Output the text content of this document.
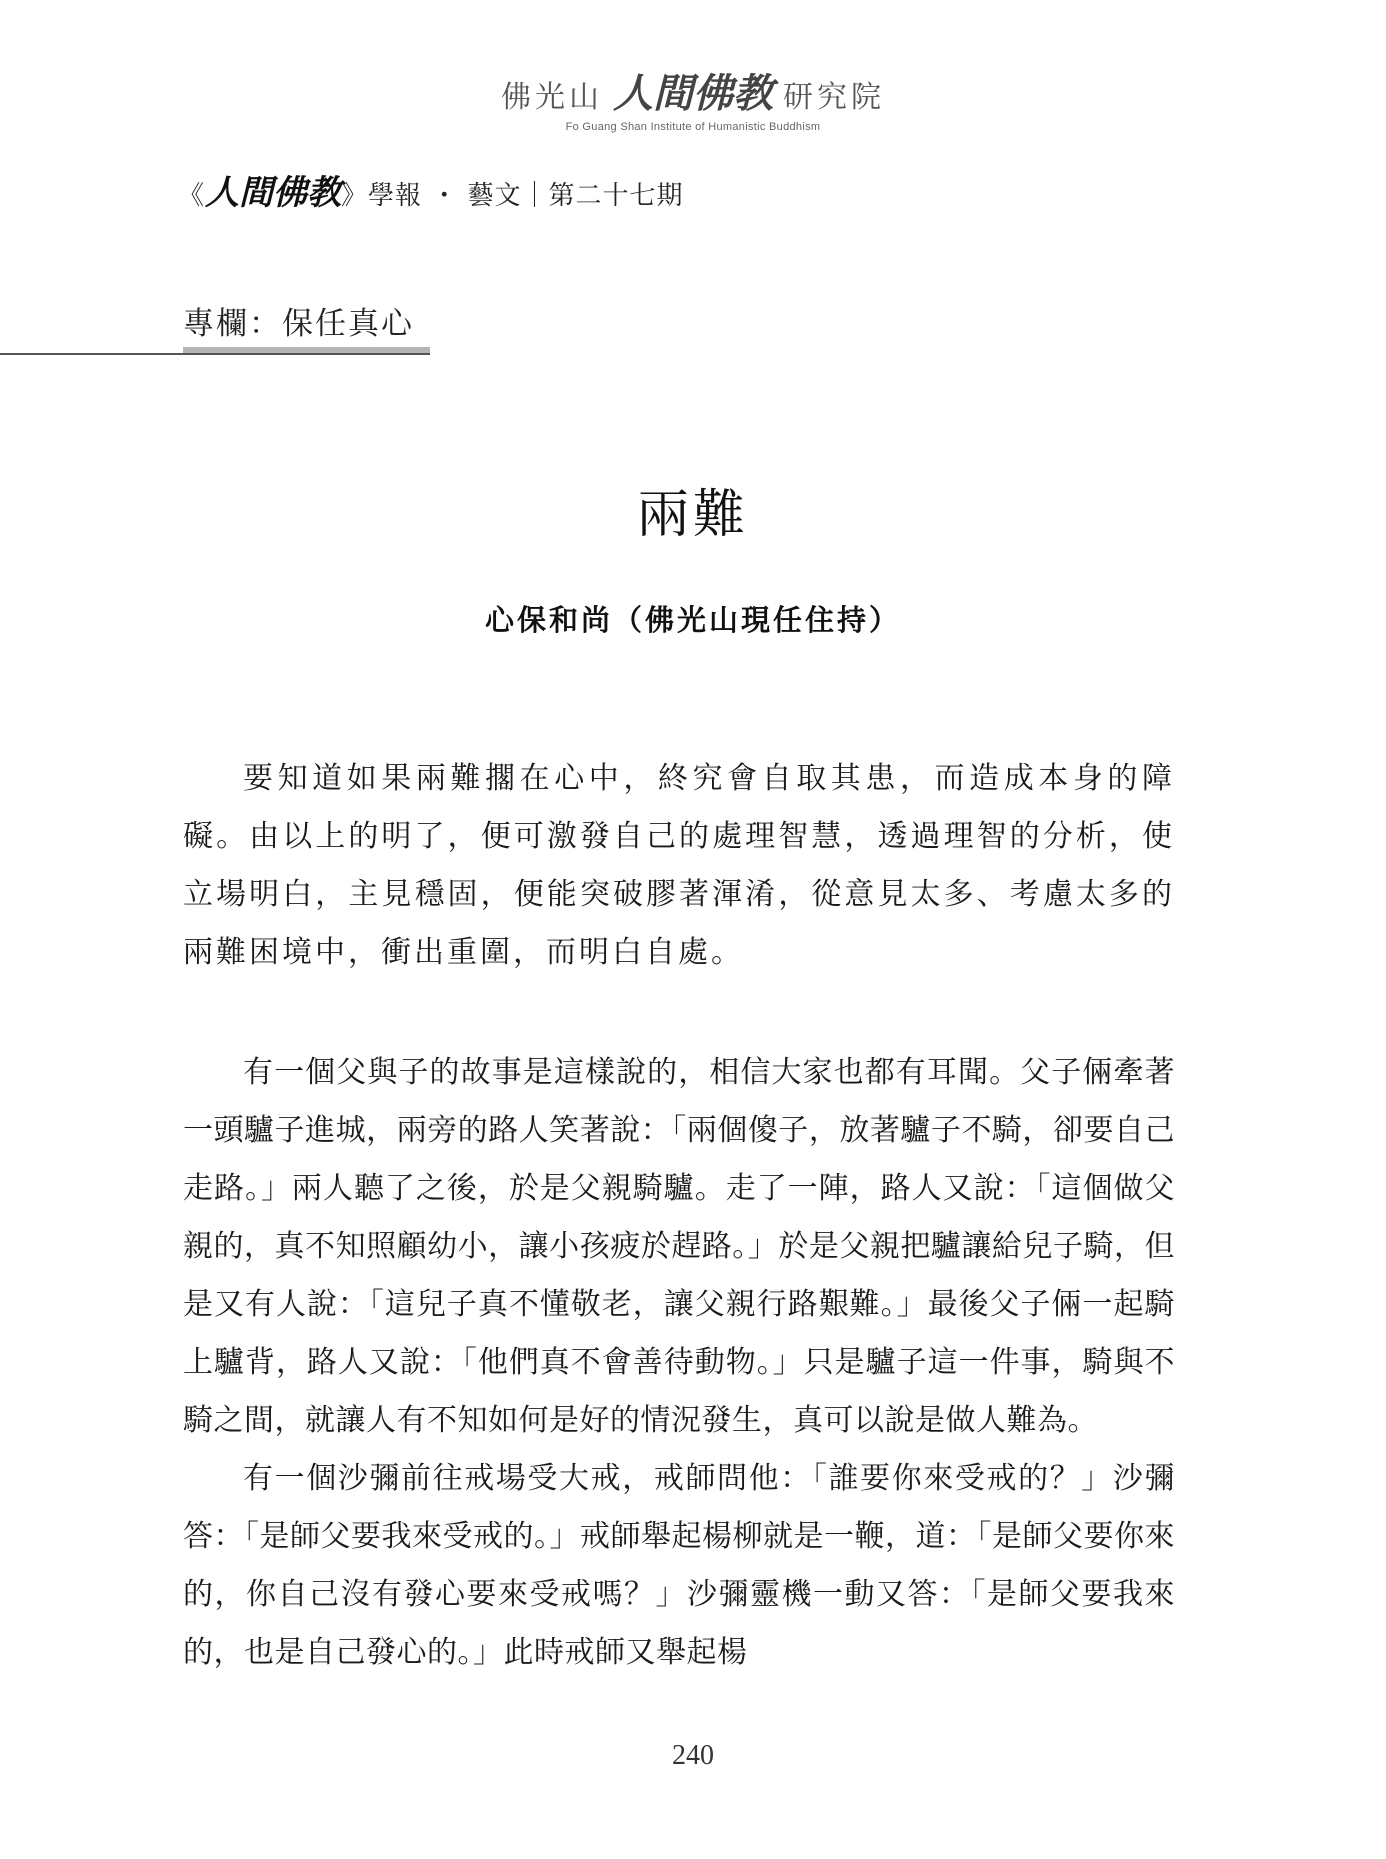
佛光山 人間佛教 研究院
Fo Guang Shan Institute of Humanistic Buddhism
《 人間佛教 》學報 ・ 藝文｜第二十七期
專欄：保任真心
兩難
心保和尚（佛光山現任住持）

要知道如果兩難擱在心中，終究會自取其患，而造成本身的障礙。由以上的明了，便可激發自己的處理智慧，透過理智的分析，使立場明白，主見穩固，便能突破膠著渾淆，從意見太多、考慮太多的兩難困境中，衝出重圍，而明白自處。

有一個父與子的故事是這樣說的，相信大家也都有耳聞。父子倆牽著一頭驢子進城，兩旁的路人笑著說：「兩個傻子，放著驢子不騎，卻要自己走路。」兩人聽了之後，於是父親騎驢。走了一陣，路人又說：「這個做父親的，真不知照顧幼小，讓小孩疲於趕路。」於是父親把驢讓給兒子騎，但是又有人說：「這兒子真不懂敬老，讓父親行路艱難。」最後父子倆一起騎上驢背，路人又說：「他們真不會善待動物。」只是驢子這一件事，騎與不騎之間，就讓人有不知如何是好的情況發生，真可以說是做人難為。

有一個沙彌前往戒場受大戒，戒師問他：「誰要你來受戒的？」沙彌答：「是師父要我來受戒的。」戒師舉起楊柳就是一鞭，道：「是師父要你來的，你自己沒有發心要來受戒嗎？」沙彌靈機一動又答：「是師父要我來的，也是自己發心的。」此時戒師又舉起楊

240
